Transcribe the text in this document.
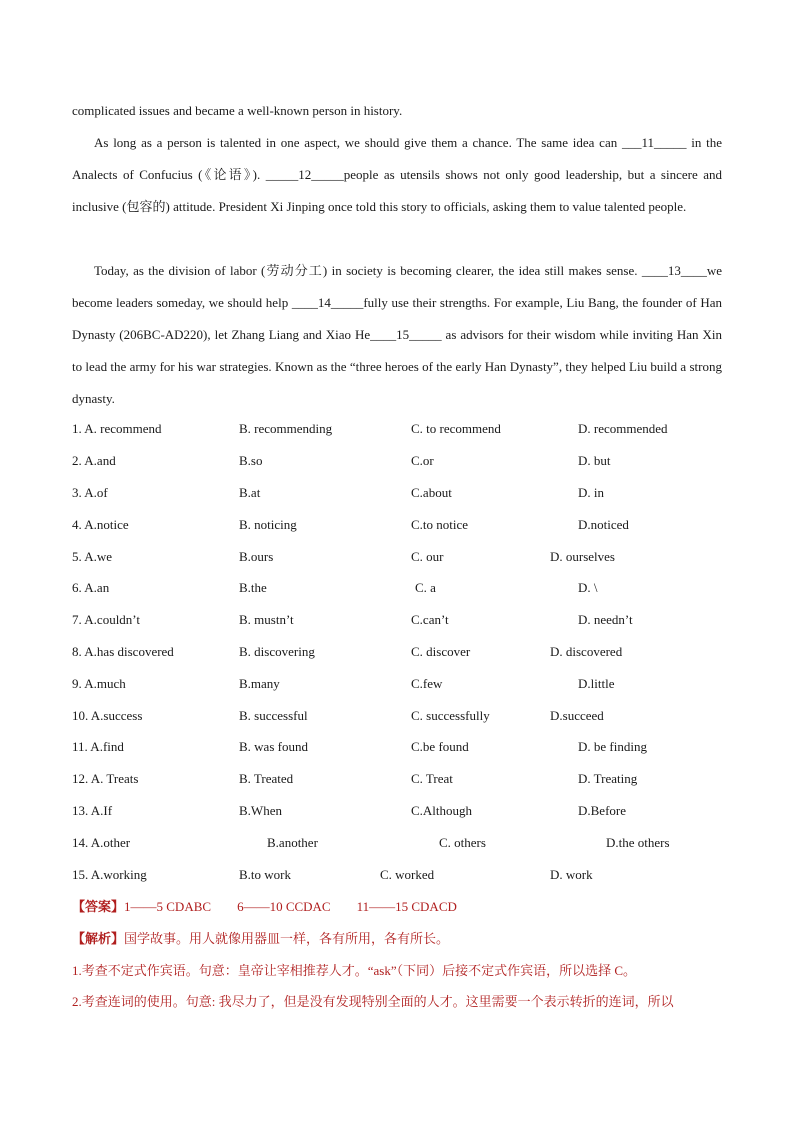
complicated issues and became a well-known person in history.

As long as a person is talented in one aspect, we should give them a chance. The same idea can ___11_____ in the Analects of Confucius (《论语》). _____12_____people as utensils shows not only good leadership, but a sincere and inclusive (包容的) attitude. President Xi Jinping once told this story to officials, asking them to value talented people.

Today, as the division of labor (劳动分工) in society is becoming clearer, the idea still makes sense. ____13____we become leaders someday, we should help ____14_____fully use their strengths. For example, Liu Bang, the founder of Han Dynasty (206BC-AD220), let Zhang Liang and Xiao He____15_____ as advisors for their wisdom while inviting Han Xin to lead the army for his war strategies. Known as the “three heroes of the early Han Dynasty”, they helped Liu build a strong dynasty.

1. A. recommend	B. recommending	C. to recommend	D. recommended
2. A.and	B.so	C.or	D. but
3. A.of	B.at	C.about	D. in
4. A.notice	B. noticing	C.to notice	D.noticed
5. A.we	B.ours	C. our	D. ourselves
6. A.an	B.the	C. a	D. \
7. A.couldn’t	B. mustn’t	C.can’t	D. needn’t
8. A.has discovered	B. discovering	C. discover	D. discovered
9. A.much	B.many	C.few	D.little
10. A.success	B. successful	C. successfully	D.succeed
11. A.find	B. was found	C.be found	D. be finding
12. A. Treats	B. Treated	C. Treat	D. Treating
13. A.If	B.When	C.Although	D.Before
14. A.other	B.another	C. others	D.the others
15. A.working	B.to work	C. worked	D. work

【答案】1——5 CDABC 6——10 CCDAC 11——15 CDACD

【解析】国学故事。用人就像用器皿一样，各有所用，各有所长。

1.考查不定式作宾语。句意：皇帝让宰相推荐人才。“ask”（下同）后接不定式作宾语，所以选择 C。

2.考查连词的使用。句意: 我尽力了，但是没有发现特别全面的人才。这里需要一个表示转折的连词，所以
